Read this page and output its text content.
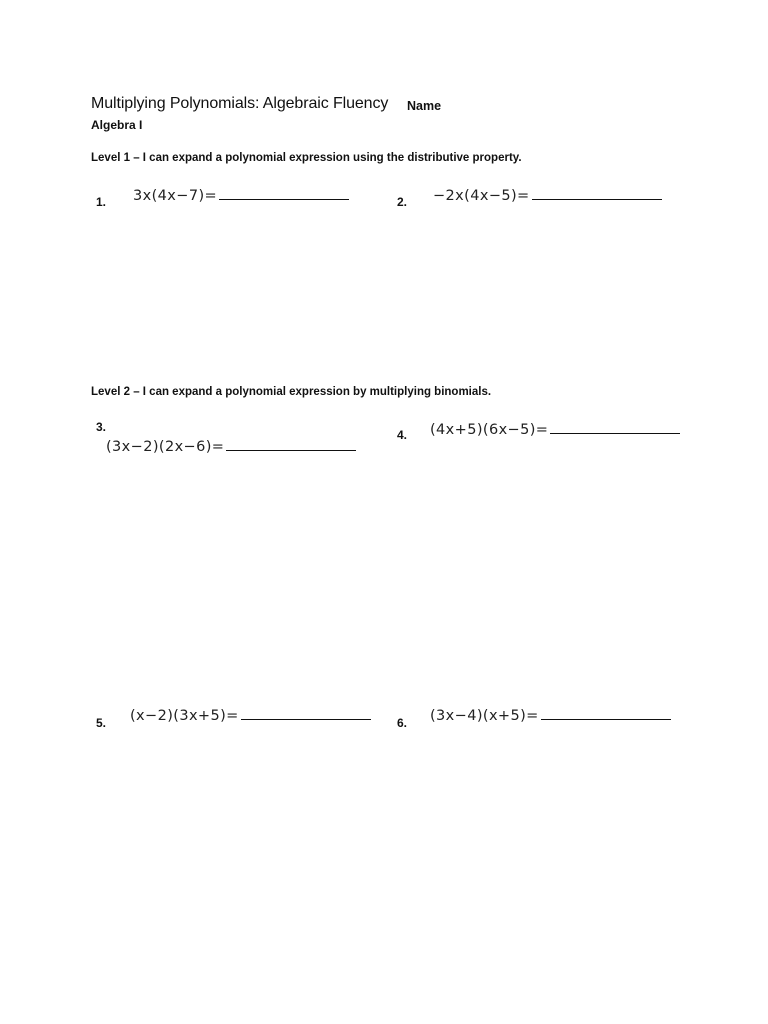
Multiplying Polynomials: Algebraic Fluency Name
Algebra I
Level 1 – I can expand a polynomial expression using the distributive property.
1. 3x(4x−7)=	2. −2x(4x−5)=
Level 2 – I can expand a polynomial expression by multiplying binomials.
3.
(3x−2)(2x−6)=
4. (4x+5)(6x−5)=
5. (x−2)(3x+5)=	6. (3x−4)(x+5)=
